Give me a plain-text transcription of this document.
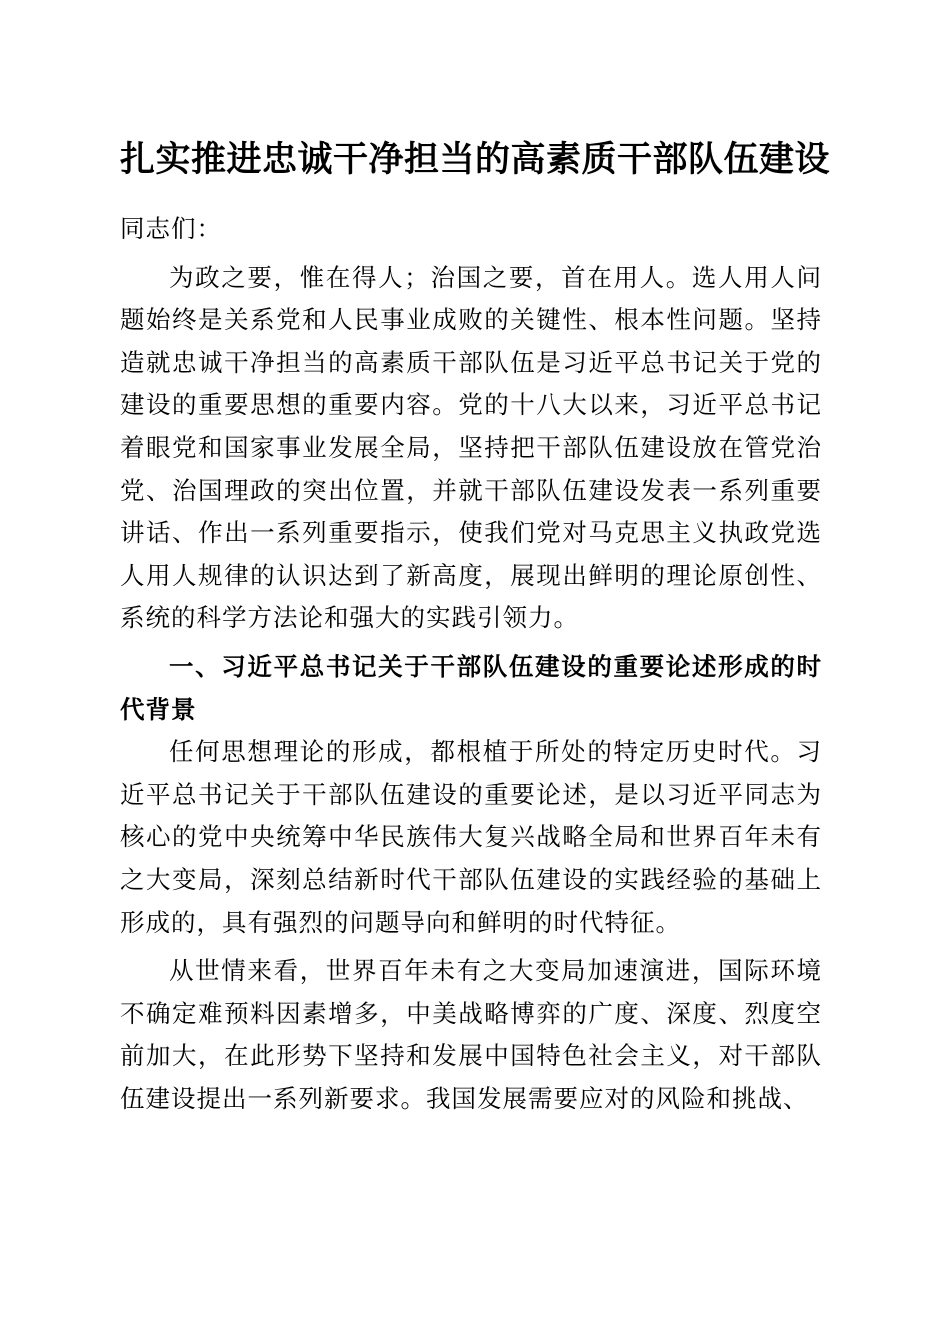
扎实推进忠诚干净担当的高素质干部队伍建设

同志们：

为政之要，惟在得人；治国之要，首在用人。选人用人问题始终是关系党和人民事业成败的关键性、根本性问题。坚持造就忠诚干净担当的高素质干部队伍是习近平总书记关于党的建设的重要思想的重要内容。党的十八大以来，习近平总书记着眼党和国家事业发展全局，坚持把干部队伍建设放在管党治党、治国理政的突出位置，并就干部队伍建设发表一系列重要讲话、作出一系列重要指示，使我们党对马克思主义执政党选人用人规律的认识达到了新高度，展现出鲜明的理论原创性、系统的科学方法论和强大的实践引领力。

一、习近平总书记关于干部队伍建设的重要论述形成的时代背景

任何思想理论的形成，都根植于所处的特定历史时代。习近平总书记关于干部队伍建设的重要论述，是以习近平同志为核心的党中央统筹中华民族伟大复兴战略全局和世界百年未有之大变局，深刻总结新时代干部队伍建设的实践经验的基础上形成的，具有强烈的问题导向和鲜明的时代特征。

从世情来看，世界百年未有之大变局加速演进，国际环境不确定难预料因素增多，中美战略博弈的广度、深度、烈度空前加大，在此形势下坚持和发展中国特色社会主义，对干部队伍建设提出一系列新要求。我国发展需要应对的风险和挑战、
